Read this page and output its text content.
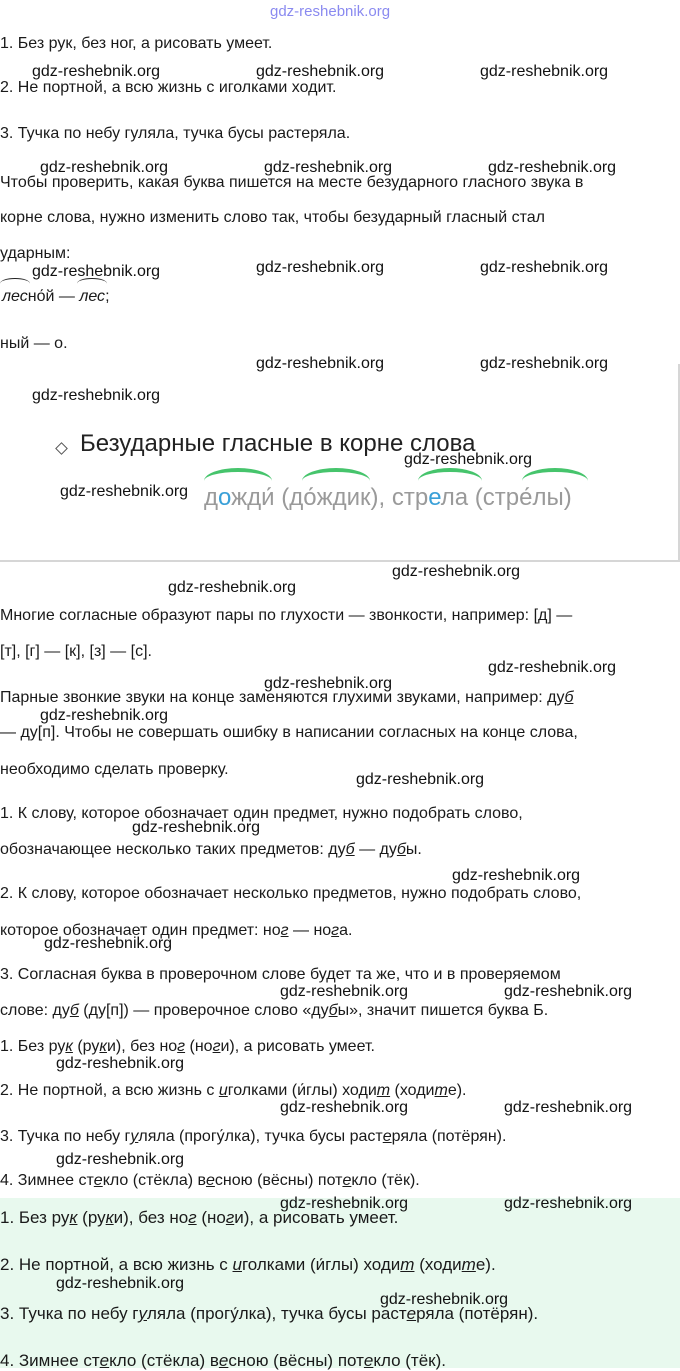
gdz-reshebnik.org
1. Без рук, без ног, а рисовать умеет.
2. Не портной, а всю жизнь с иголками ходит.
3. Тучка по небу гуляла, тучка бусы растеряла.
Чтобы проверить, какая буква пишется на месте безударного гласного звука в
корне слова, нужно изменить слово так, чтобы безударный гласный стал
ударным:
лесно́й —
лес;
ный — о.
Безударные гласные в корне слова
дожди́ (до́ждик), стрела (стре́лы)
Многие согласные образуют пары по глухости — звонкости, например: [д] —
[т], [г] — [к], [з] — [с].
Парные звонкие звуки на конце заменяются глухими звуками, например: дуб
— ду[п]. Чтобы не совершать ошибку в написании согласных на конце слова,
необходимо сделать проверку.
1. К слову, которое обозначает один предмет, нужно подобрать слово,
обозначающее несколько таких предметов: дуб — дубы.
2. К слову, которое обозначает несколько предметов, нужно подобрать слово,
которое обозначает один предмет: ног — нога.
3. Согласная буква в проверочном слове будет та же, что и в проверяемом
слове: дуб (ду[п]) — проверочное слово «дубы», значит пишется буква Б.
1. Без рук (руки), без ног (ноги), а рисовать умеет.
2. Не портной, а всю жизнь с иголками (и́глы) ходит (ходите).
3. Тучка по небу гуляла (прогу́лка), тучка бусы растеряла (потёрян).
4. Зимнее стекло (стёкла) весною (вёсны) потекло (тёк).
1. Без рук (руки), без ног (ноги), а рисовать умеет.
2. Не портной, а всю жизнь с иголками (и́глы) ходит (ходите).
3. Тучка по небу гуляла (прогу́лка), тучка бусы растеряла (потёрян).
4. Зимнее стекло (стёкла) весною (вёсны) потекло (тёк).
gdz-reshebnik.org	gdz-reshebnik.org	gdz-reshebnik.org
gdz-reshebnik.org	gdz-reshebnik.org	gdz-reshebnik.org
gdz-reshebnik.org	gdz-reshebnik.org	gdz-reshebnik.org
gdz-reshebnik.org	gdz-reshebnik.org
gdz-reshebnik.org
gdz-reshebnik.org
gdz-reshebnik.org
gdz-reshebnik.org
gdz-reshebnik.org
gdz-reshebnik.org
gdz-reshebnik.org
gdz-reshebnik.org
gdz-reshebnik.org
gdz-reshebnik.org
gdz-reshebnik.org
gdz-reshebnik.org
gdz-reshebnik.org	gdz-reshebnik.org
gdz-reshebnik.org
gdz-reshebnik.org	gdz-reshebnik.org
gdz-reshebnik.org
gdz-reshebnik.org	gdz-reshebnik.org
gdz-reshebnik.org
gdz-reshebnik.org
